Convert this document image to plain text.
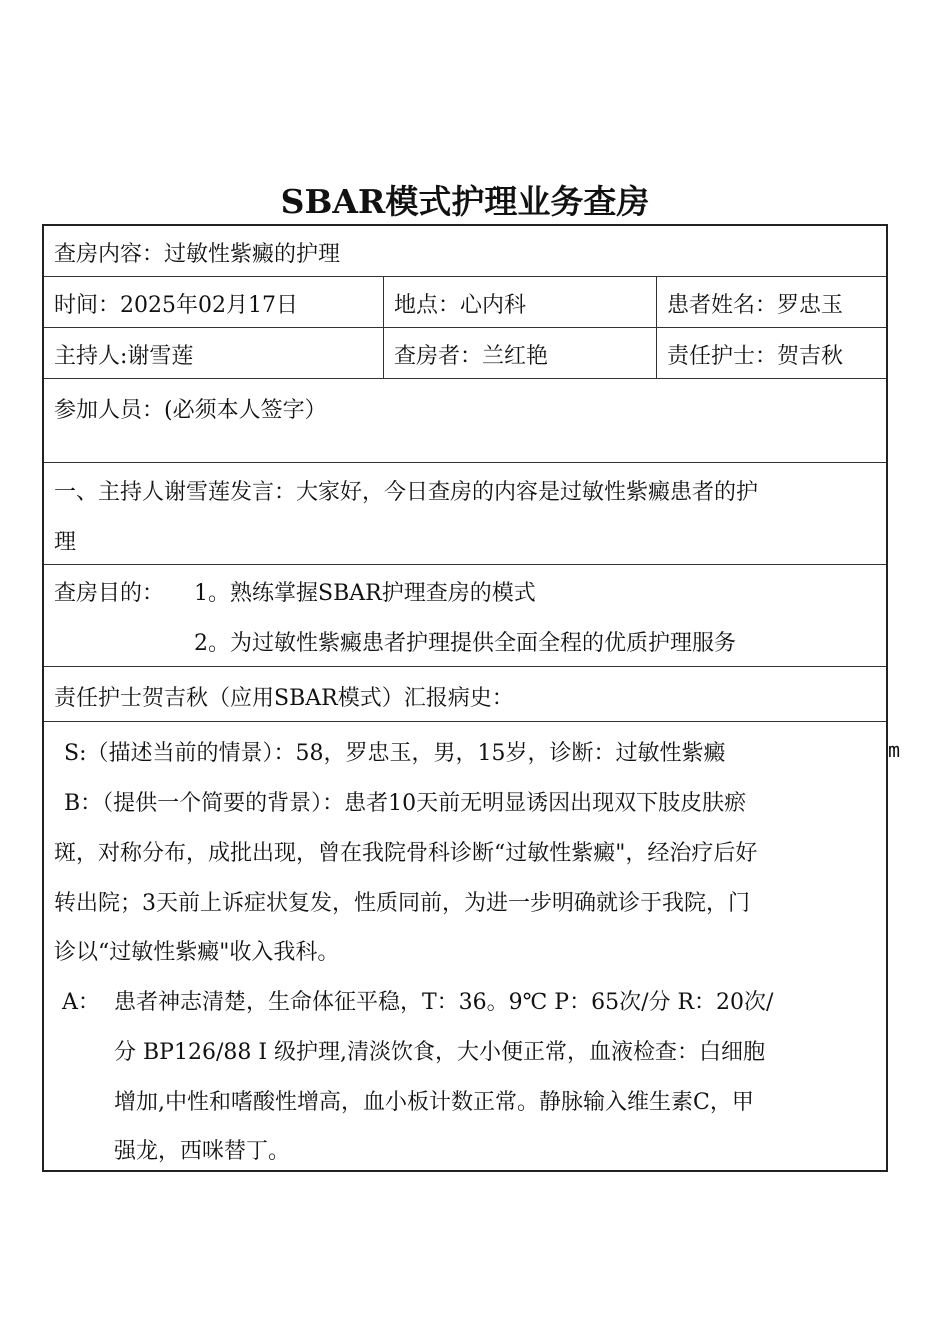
SBAR模式护理业务查房
查房内容：过敏性紫癜的护理
时间：2025年02月17日	地点：心内科	患者姓名：罗忠玉
主持人:谢雪莲	查房者：兰红艳	责任护士：贺吉秋
参加人员：(必须本人签字）
一、主持人谢雪莲发言：大家好，今日查房的内容是过敏性紫癜患者的护
理
查房目的： 1。熟练掌握SBAR护理查房的模式
2。为过敏性紫癜患者护理提供全面全程的优质护理服务
责任护士贺吉秋（应用SBAR模式）汇报病史：
S:（描述当前的情景）：58，罗忠玉，男，15岁，诊断：过敏性紫癜
B：（提供一个简要的背景）：患者10天前无明显诱因出现双下肢皮肤瘀
斑，对称分布，成批出现，曾在我院骨科诊断“过敏性紫癜"，经治疗后好
转出院；3天前上诉症状复发，性质同前，为进一步明确就诊于我院，门
诊以“过敏性紫癜"收入我科。
A： 患者神志清楚，生命体征平稳，T：36。9℃ P：65次/分 R：20次/
分 BP126/88 Ⅰ 级护理,清淡饮食，大小便正常，血液检查：白细胞
增加,中性和嗜酸性增高，血小板计数正常。静脉输入维生素C，甲
强龙，西咪替丁。
m
